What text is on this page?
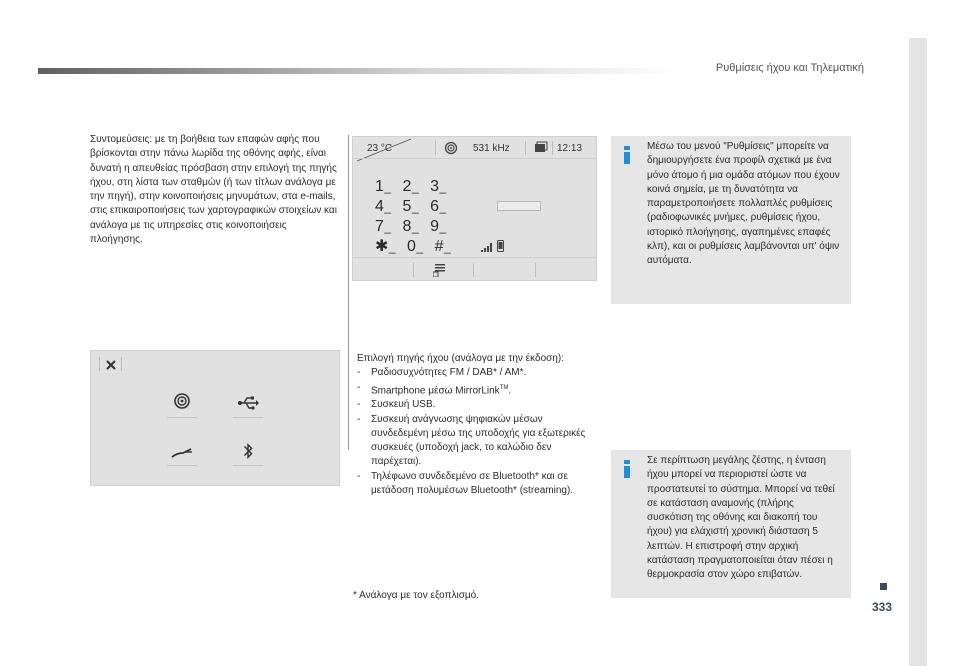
Ρυθμίσεις ήχου και Τηλεματική
Συντομεύσεις: με τη βοήθεια των επαφών αφής που βρίσκονται στην πάνω λωρίδα της οθόνης αφής, είναι δυνατή η απευθείας πρόσβαση στην επιλογή της πηγής ήχου, στη λίστα των σταθμών (ή των τίτλων ανάλογα με την πηγή), στην κοινοποιήσεις μηνυμάτων, στα e-mails, στις επικαιροποιήσεις των χαρτογραφικών στοιχείων και ανάλογα με τις υπηρεσίες στις κοινοποιήσεις πλοήγησης.
23 °C	531 kHz	12:13
1_ 2_ 3_
4_ 5_ 6_
7_ 8_ 9_
✱_ 0_ #_
Επιλογή πηγής ήχου (ανάλογα με την έκδοση):
- Ραδιοσυχνότητες FM / DAB* / AM*.
- Smartphone μέσω MirrorLink™.
- Συσκευή USB.
- Συσκευή ανάγνωσης ψηφιακών μέσων συνδεδεμένη μέσω της υποδοχής για εξωτερικές συσκευές (υποδοχή jack, το καλώδιο δεν παρέχεται).
- Τηλέφωνο συνδεδεμένο σε Bluetooth* και σε μετάδοση πολυμέσων Bluetooth* (streaming).
* Ανάλογα με τον εξοπλισμό.
Μέσω του μενού "Ρυθμίσεις" μπορείτε να δημιουργήσετε ένα προφίλ σχετικά με ένα μόνο άτομο ή μια ομάδα ατόμων που έχουν κοινά σημεία, με τη δυνατότητα να παραμετροποιήσετε πολλαπλές ρυθμίσεις (ραδιοφωνικές μνήμες, ρυθμίσεις ήχου, ιστορικό πλοήγησης, αγαπημένες επαφές κλπ), και οι ρυθμίσεις λαμβάνονται υπ' όψιν αυτόματα.
Σε περίπτωση μεγάλης ζέστης, η ένταση ήχου μπορεί να περιοριστεί ώστε να προστατευτεί το σύστημα. Μπορεί να τεθεί σε κατάσταση αναμονής (πλήρης συσκότιση της οθόνης και διακοπή του ήχου) για ελάχιστή χρονική διάσταση 5 λεπτών. Η επιστροφή στην αρχική κατάσταση πραγματοποιείται όταν πέσει η θερμοκρασία στον χώρο επιβατών.
333
